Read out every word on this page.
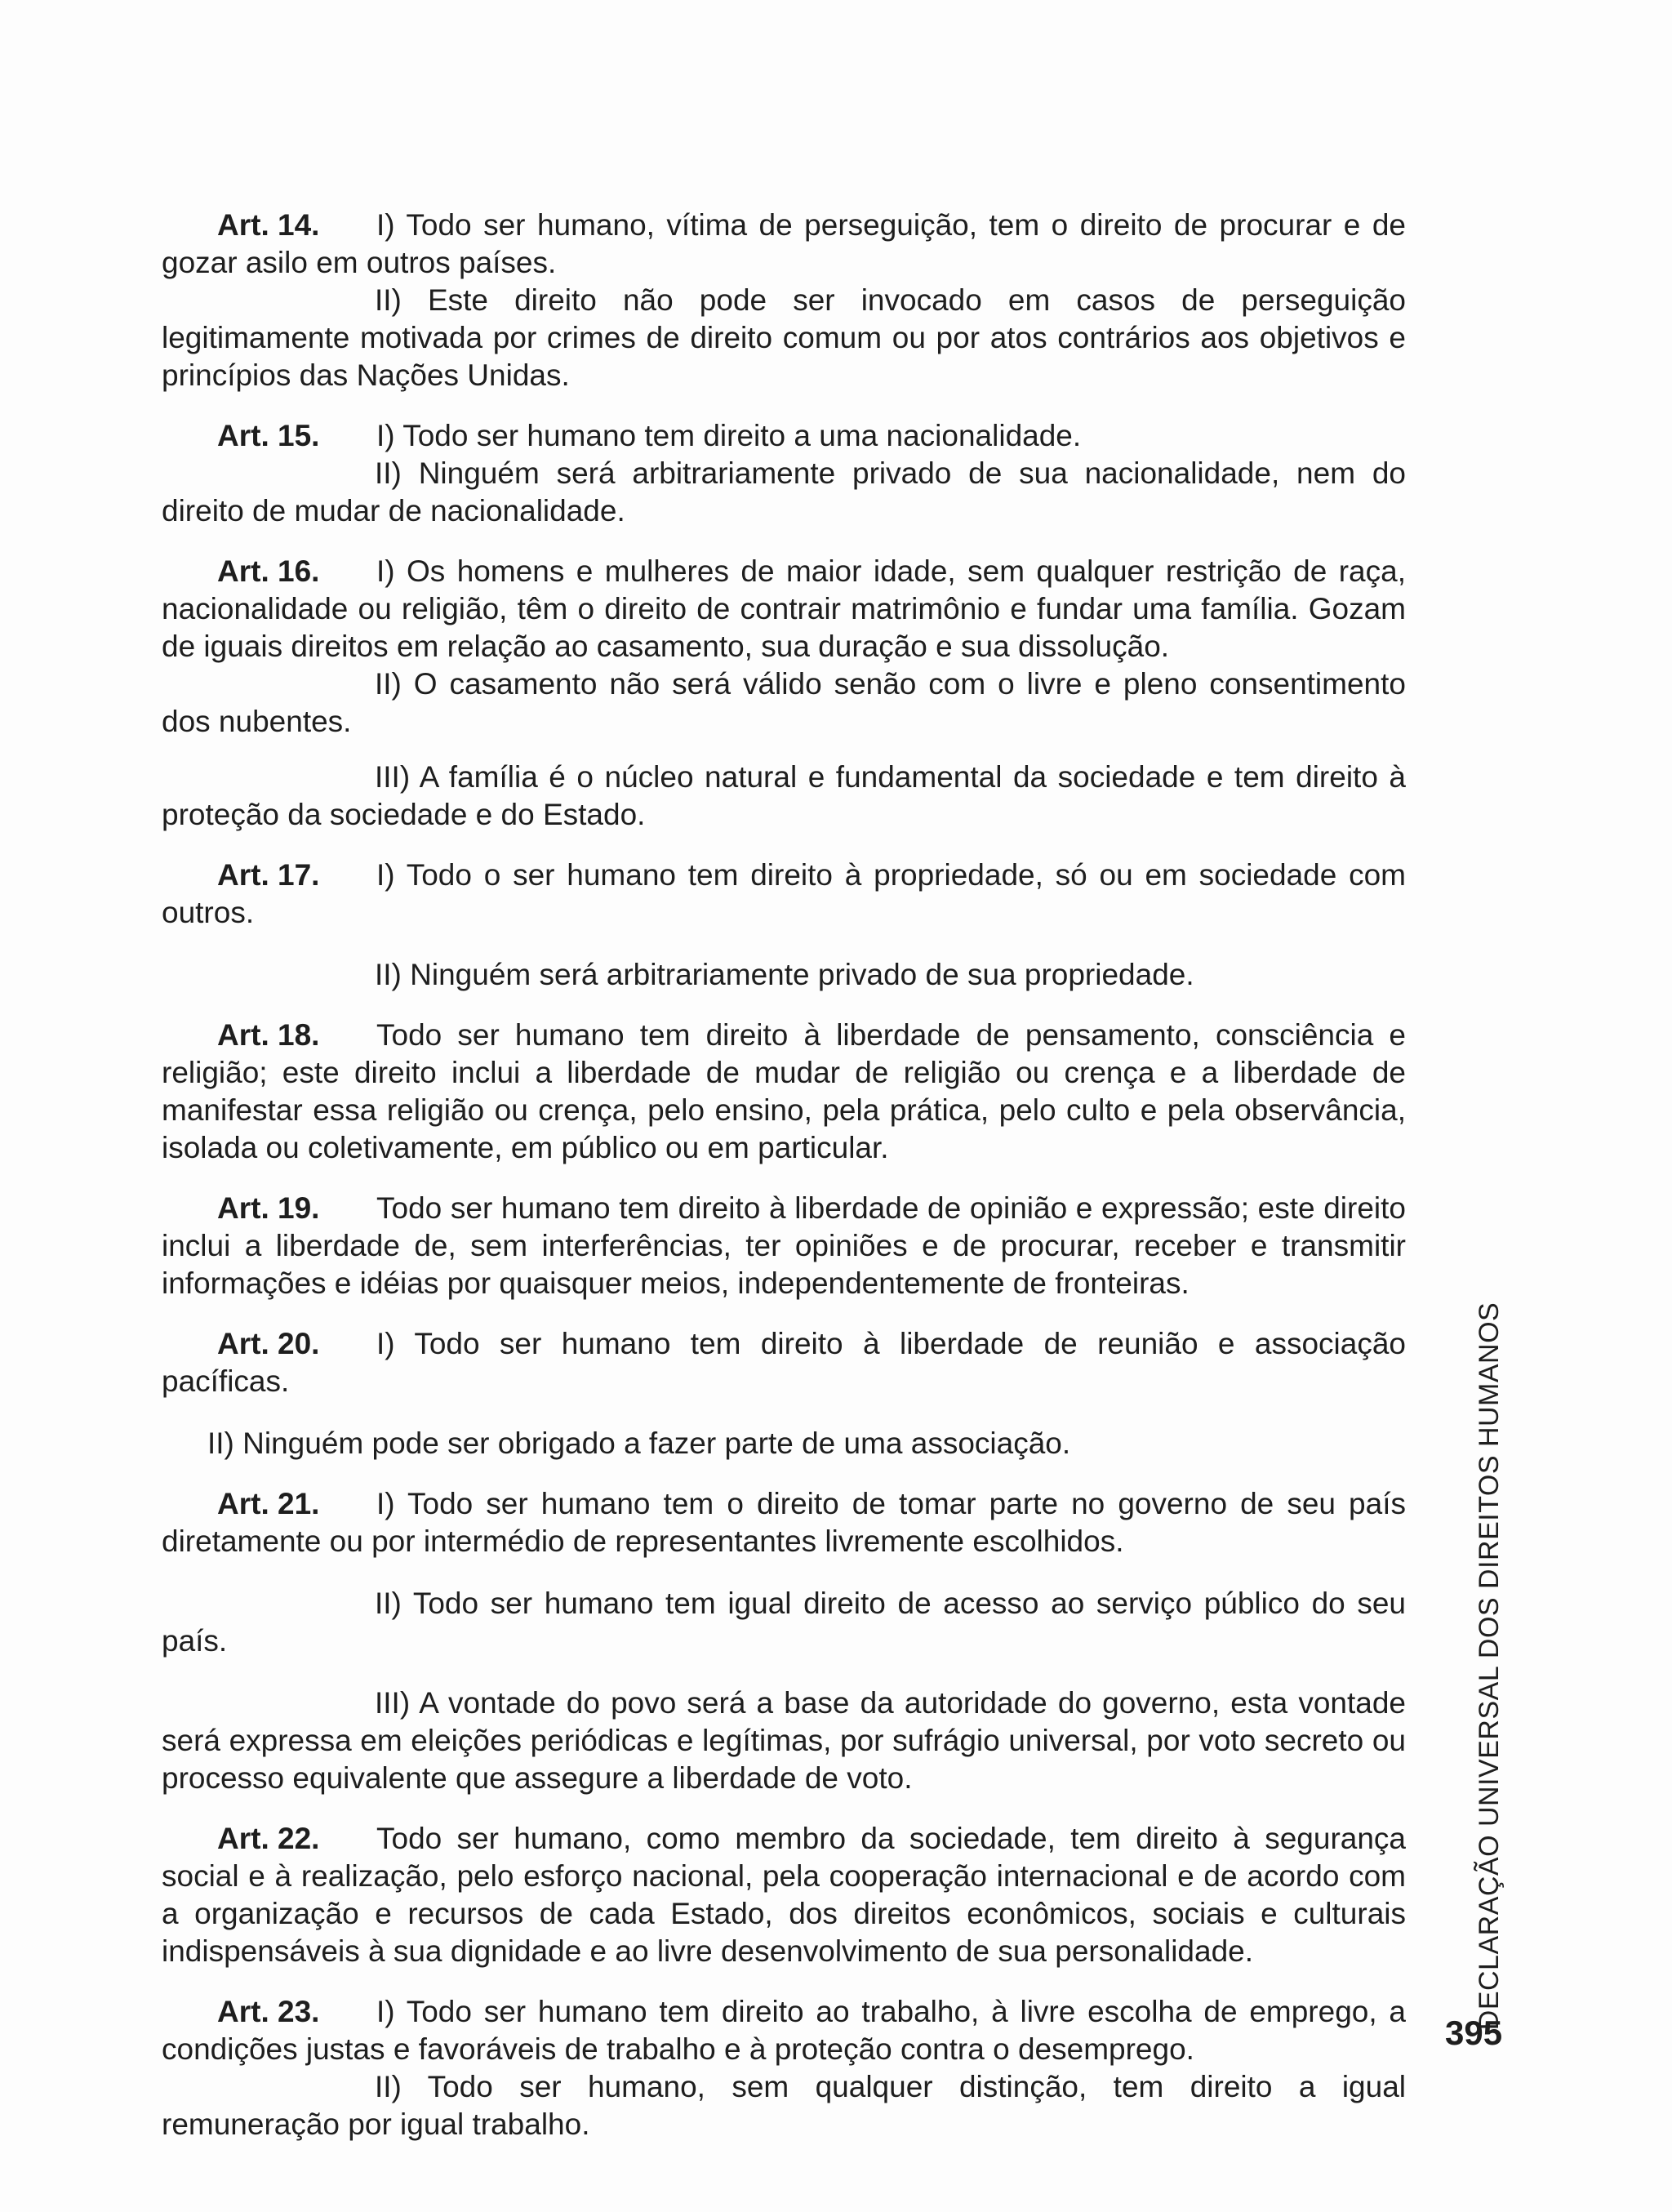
Art. 14. I) Todo ser humano, vítima de perseguição, tem o direito de procurar e de gozar asilo em outros países.

II) Este direito não pode ser invocado em casos de perseguição legitimamente motivada por crimes de direito comum ou por atos contrários aos objetivos e princípios das Nações Unidas.

Art. 15. I) Todo ser humano tem direito a uma nacionalidade.

II) Ninguém será arbitrariamente privado de sua nacionalidade, nem do direito de mudar de nacionalidade.

Art. 16. I) Os homens e mulheres de maior idade, sem qualquer restrição de raça, nacionalidade ou religião, têm o direito de contrair matrimônio e fundar uma família. Gozam de iguais direitos em relação ao casamento, sua duração e sua dissolução.

II) O casamento não será válido senão com o livre e pleno consentimento dos nubentes.

III) A família é o núcleo natural e fundamental da sociedade e tem direito à proteção da sociedade e do Estado.

Art. 17. I) Todo o ser humano tem direito à propriedade, só ou em sociedade com outros.

II) Ninguém será arbitrariamente privado de sua propriedade.

Art. 18. Todo ser humano tem direito à liberdade de pensamento, consciência e religião; este direito inclui a liberdade de mudar de religião ou crença e a liberdade de manifestar essa religião ou crença, pelo ensino, pela prática, pelo culto e pela observância, isolada ou coletivamente, em público ou em particular.

Art. 19. Todo ser humano tem direito à liberdade de opinião e expressão; este direito inclui a liberdade de, sem interferências, ter opiniões e de procurar, receber e transmitir informações e idéias por quaisquer meios, independentemente de fronteiras.

Art. 20. I) Todo ser humano tem direito à liberdade de reunião e associação pacíficas.

II) Ninguém pode ser obrigado a fazer parte de uma associação.

Art. 21. I) Todo ser humano tem o direito de tomar parte no governo de seu país diretamente ou por intermédio de representantes livremente escolhidos.

II) Todo ser humano tem igual direito de acesso ao serviço público do seu país.

III) A vontade do povo será a base da autoridade do governo, esta vontade será expressa em eleições periódicas e legítimas, por sufrágio universal, por voto secreto ou processo equivalente que assegure a liberdade de voto.

Art. 22. Todo ser humano, como membro da sociedade, tem direito à segurança social e à realização, pelo esforço nacional, pela cooperação internacional e de acordo com a organização e recursos de cada Estado, dos direitos econômicos, sociais e culturais indispensáveis à sua dignidade e ao livre desenvolvimento de sua personalidade.

Art. 23. I) Todo ser humano tem direito ao trabalho, à livre escolha de emprego, a condições justas e favoráveis de trabalho e à proteção contra o desemprego.

II) Todo ser humano, sem qualquer distinção, tem direito a igual remuneração por igual trabalho.

DECLARAÇÃO UNIVERSAL DOS DIREITOS HUMANOS
395
